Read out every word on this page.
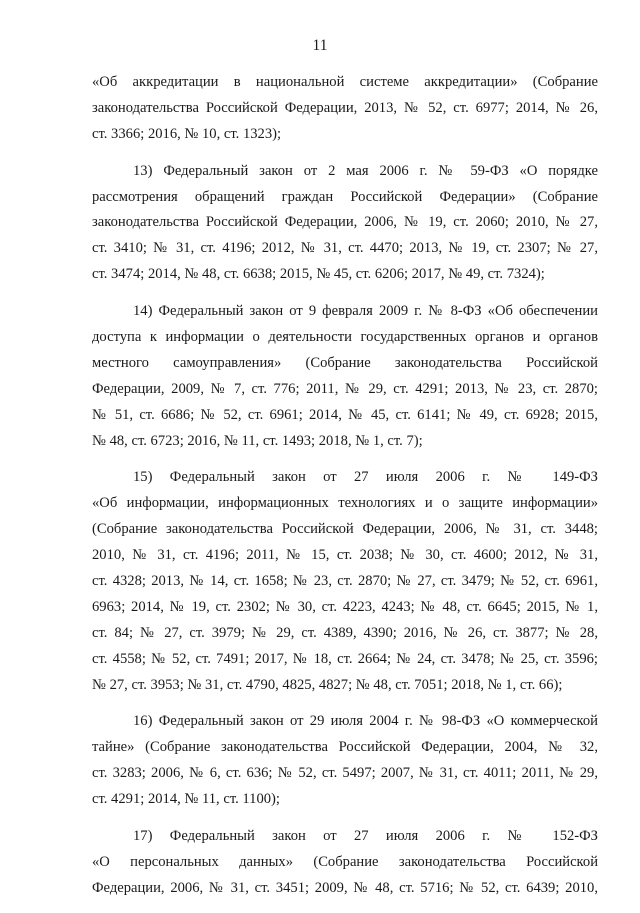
11
«Об аккредитации в национальной системе аккредитации» (Собрание
законодательства Российской Федерации, 2013, № 52, ст. 6977; 2014, № 26,
ст. 3366; 2016, № 10, ст. 1323);
13) Федеральный закон от 2 мая 2006 г. № 59-ФЗ «О порядке
рассмотрения обращений граждан Российской Федерации» (Собрание
законодательства Российской Федерации, 2006, № 19, ст. 2060; 2010, № 27,
ст. 3410; № 31, ст. 4196; 2012, № 31, ст. 4470; 2013, № 19, ст. 2307; № 27,
ст. 3474; 2014, № 48, ст. 6638; 2015, № 45, ст. 6206; 2017, № 49, ст. 7324);
14) Федеральный закон от 9 февраля 2009 г. № 8-ФЗ «Об обеспечении
доступа к информации о деятельности государственных органов и органов
местного самоуправления» (Собрание законодательства Российской
Федерации, 2009, № 7, ст. 776; 2011, № 29, ст. 4291; 2013, № 23, ст. 2870;
№ 51, ст. 6686; № 52, ст. 6961; 2014, № 45, ст. 6141; № 49, ст. 6928; 2015,
№ 48, ст. 6723; 2016, № 11, ст. 1493; 2018, № 1, ст. 7);
15) Федеральный закон от 27 июля 2006 г. № 149-ФЗ
«Об информации, информационных технологиях и о защите информации»
(Собрание законодательства Российской Федерации, 2006, № 31, ст. 3448;
2010, № 31, ст. 4196; 2011, № 15, ст. 2038; № 30, ст. 4600; 2012, № 31,
ст. 4328; 2013, № 14, ст. 1658; № 23, ст. 2870; № 27, ст. 3479; № 52, ст. 6961,
6963; 2014, № 19, ст. 2302; № 30, ст. 4223, 4243; № 48, ст. 6645; 2015, № 1,
ст. 84; № 27, ст. 3979; № 29, ст. 4389, 4390; 2016, № 26, ст. 3877; № 28,
ст. 4558; № 52, ст. 7491; 2017, № 18, ст. 2664; № 24, ст. 3478; № 25, ст. 3596;
№ 27, ст. 3953; № 31, ст. 4790, 4825, 4827; № 48, ст. 7051; 2018, № 1, ст. 66);
16) Федеральный закон от 29 июля 2004 г. № 98-ФЗ «О коммерческой
тайне» (Собрание законодательства Российской Федерации, 2004, № 32,
ст. 3283; 2006, № 6, ст. 636; № 52, ст. 5497; 2007, № 31, ст. 4011; 2011, № 29,
ст. 4291; 2014, № 11, ст. 1100);
17) Федеральный закон от 27 июля 2006 г. № 152-ФЗ
«О персональных данных» (Собрание законодательства Российской
Федерации, 2006, № 31, ст. 3451; 2009, № 48, ст. 5716; № 52, ст. 6439; 2010,
